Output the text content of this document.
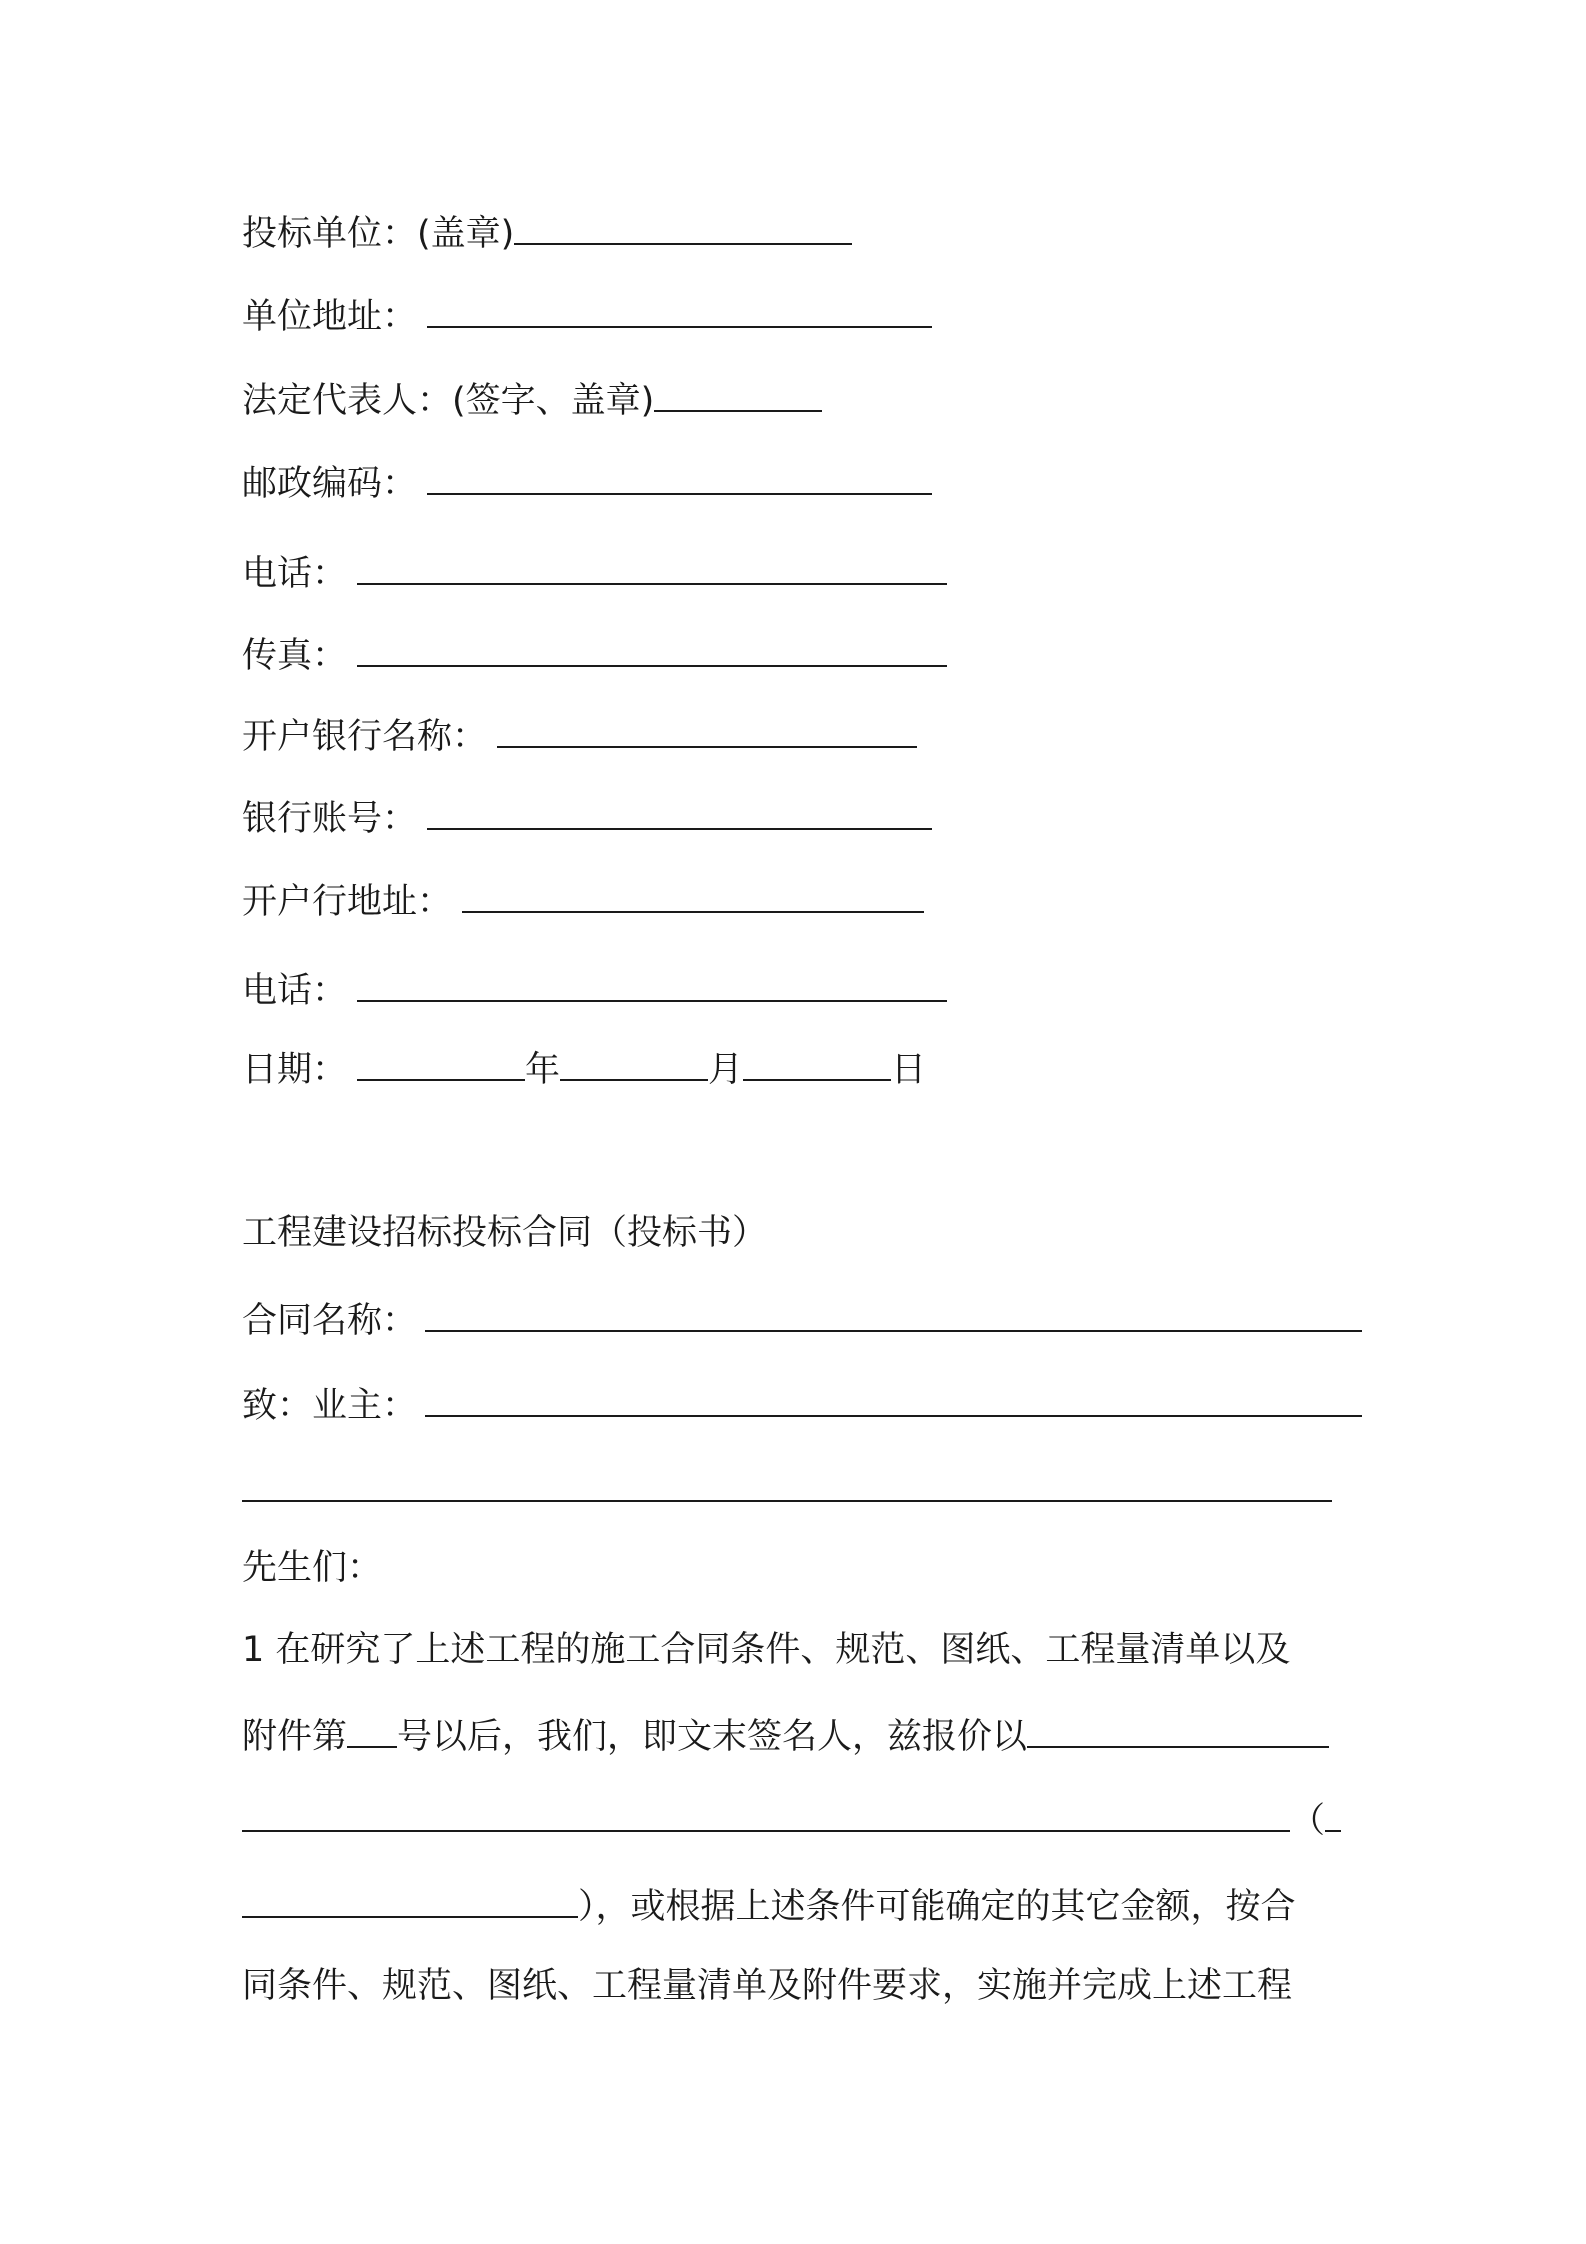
投标单位：(盖章)
单位地址：
法定代表人：(签字、盖章)
邮政编码：
电话：
传真：
开户银行名称：
银行账号：
开户行地址：
电话：
日期：	年	月	日
工程建设招标投标合同（投标书）
合同名称：
致：业主：
先生们：
1 在研究了上述工程的施工合同条件、规范、图纸、工程量清单以及
附件第 号以后，我们，即文末签名人，兹报价以
（
），或根据上述条件可能确定的其它金额，按合
同条件、规范、图纸、工程量清单及附件要求，实施并完成上述工程
